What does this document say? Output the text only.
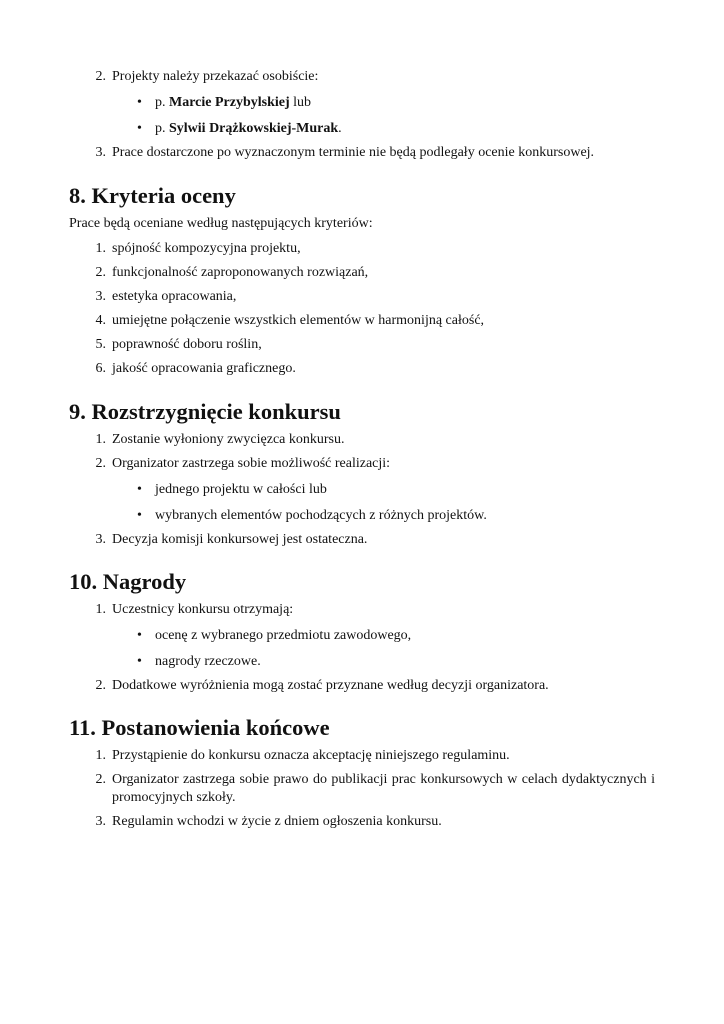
2. Projekty należy przekazać osobiście:
• p. Marcie Przybylskiej lub
• p. Sylwii Drążkowskiej-Murak.
3. Prace dostarczone po wyznaczonym terminie nie będą podlegały ocenie konkursowej.
8. Kryteria oceny
Prace będą oceniane według następujących kryteriów:
1. spójność kompozycyjna projektu,
2. funkcjonalność zaproponowanych rozwiązań,
3. estetyka opracowania,
4. umiejętne połączenie wszystkich elementów w harmonijną całość,
5. poprawność doboru roślin,
6. jakość opracowania graficznego.
9. Rozstrzygnięcie konkursu
1. Zostanie wyłoniony zwycięzca konkursu.
2. Organizator zastrzega sobie możliwość realizacji:
• jednego projektu w całości lub
• wybranych elementów pochodzących z różnych projektów.
3. Decyzja komisji konkursowej jest ostateczna.
10. Nagrody
1. Uczestnicy konkursu otrzymają:
• ocenę z wybranego przedmiotu zawodowego,
• nagrody rzeczowe.
2. Dodatkowe wyróżnienia mogą zostać przyznane według decyzji organizatora.
11. Postanowienia końcowe
1. Przystąpienie do konkursu oznacza akceptację niniejszego regulaminu.
2. Organizator zastrzega sobie prawo do publikacji prac konkursowych w celach dydaktycznych i promocyjnych szkoły.
3. Regulamin wchodzi w życie z dniem ogłoszenia konkursu.
